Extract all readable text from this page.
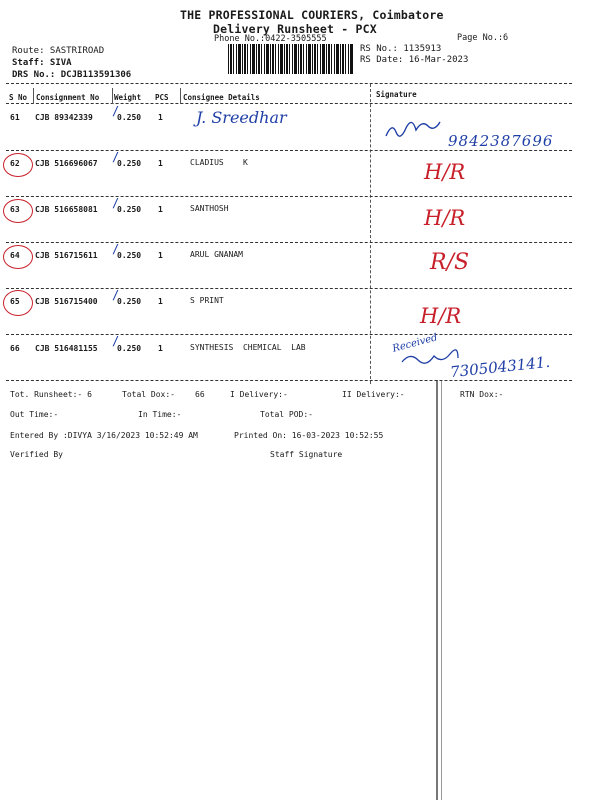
THE PROFESSIONAL COURIERS, Coimbatore
Delivery Runsheet - PCX
Phone No.:0422-3505555	Page No.:6
Route: SASTRIROAD
Staff: SIVA
DRS No.: DCJB113591306
RS No.: 1135913
RS Date: 16-Mar-2023
S No Consignment No Weight PCS Consignee Details	Signature
61 CJB 89342339	0.250 1 J. Sreedhar
9842387696
62 CJB 516696067 0.250 1	CLADIUS    K	H/R
63 CJB 516658081 0.250 1	SANTHOSH	H/R
64 CJB 516715611 0.250 1	ARUL GNANAM	R/S
65 CJB 516715400 0.250 1	S PRINT
H/R
66 CJB 516481155 0.250 1	SYNTHESIS  CHEMICAL  LAB	Received
7305043141.
Tot. Runsheet:- 6	Total Dox:-	66	I Delivery:-	II Delivery:-	RTN Dox:-
Out Time:-	In Time:-	Total POD:-
Entered By :DIVYA 3/16/2023 10:52:49 AM	Printed On: 16-03-2023 10:52:55
Verified By	Staff Signature
/
/
/
/
/
/
